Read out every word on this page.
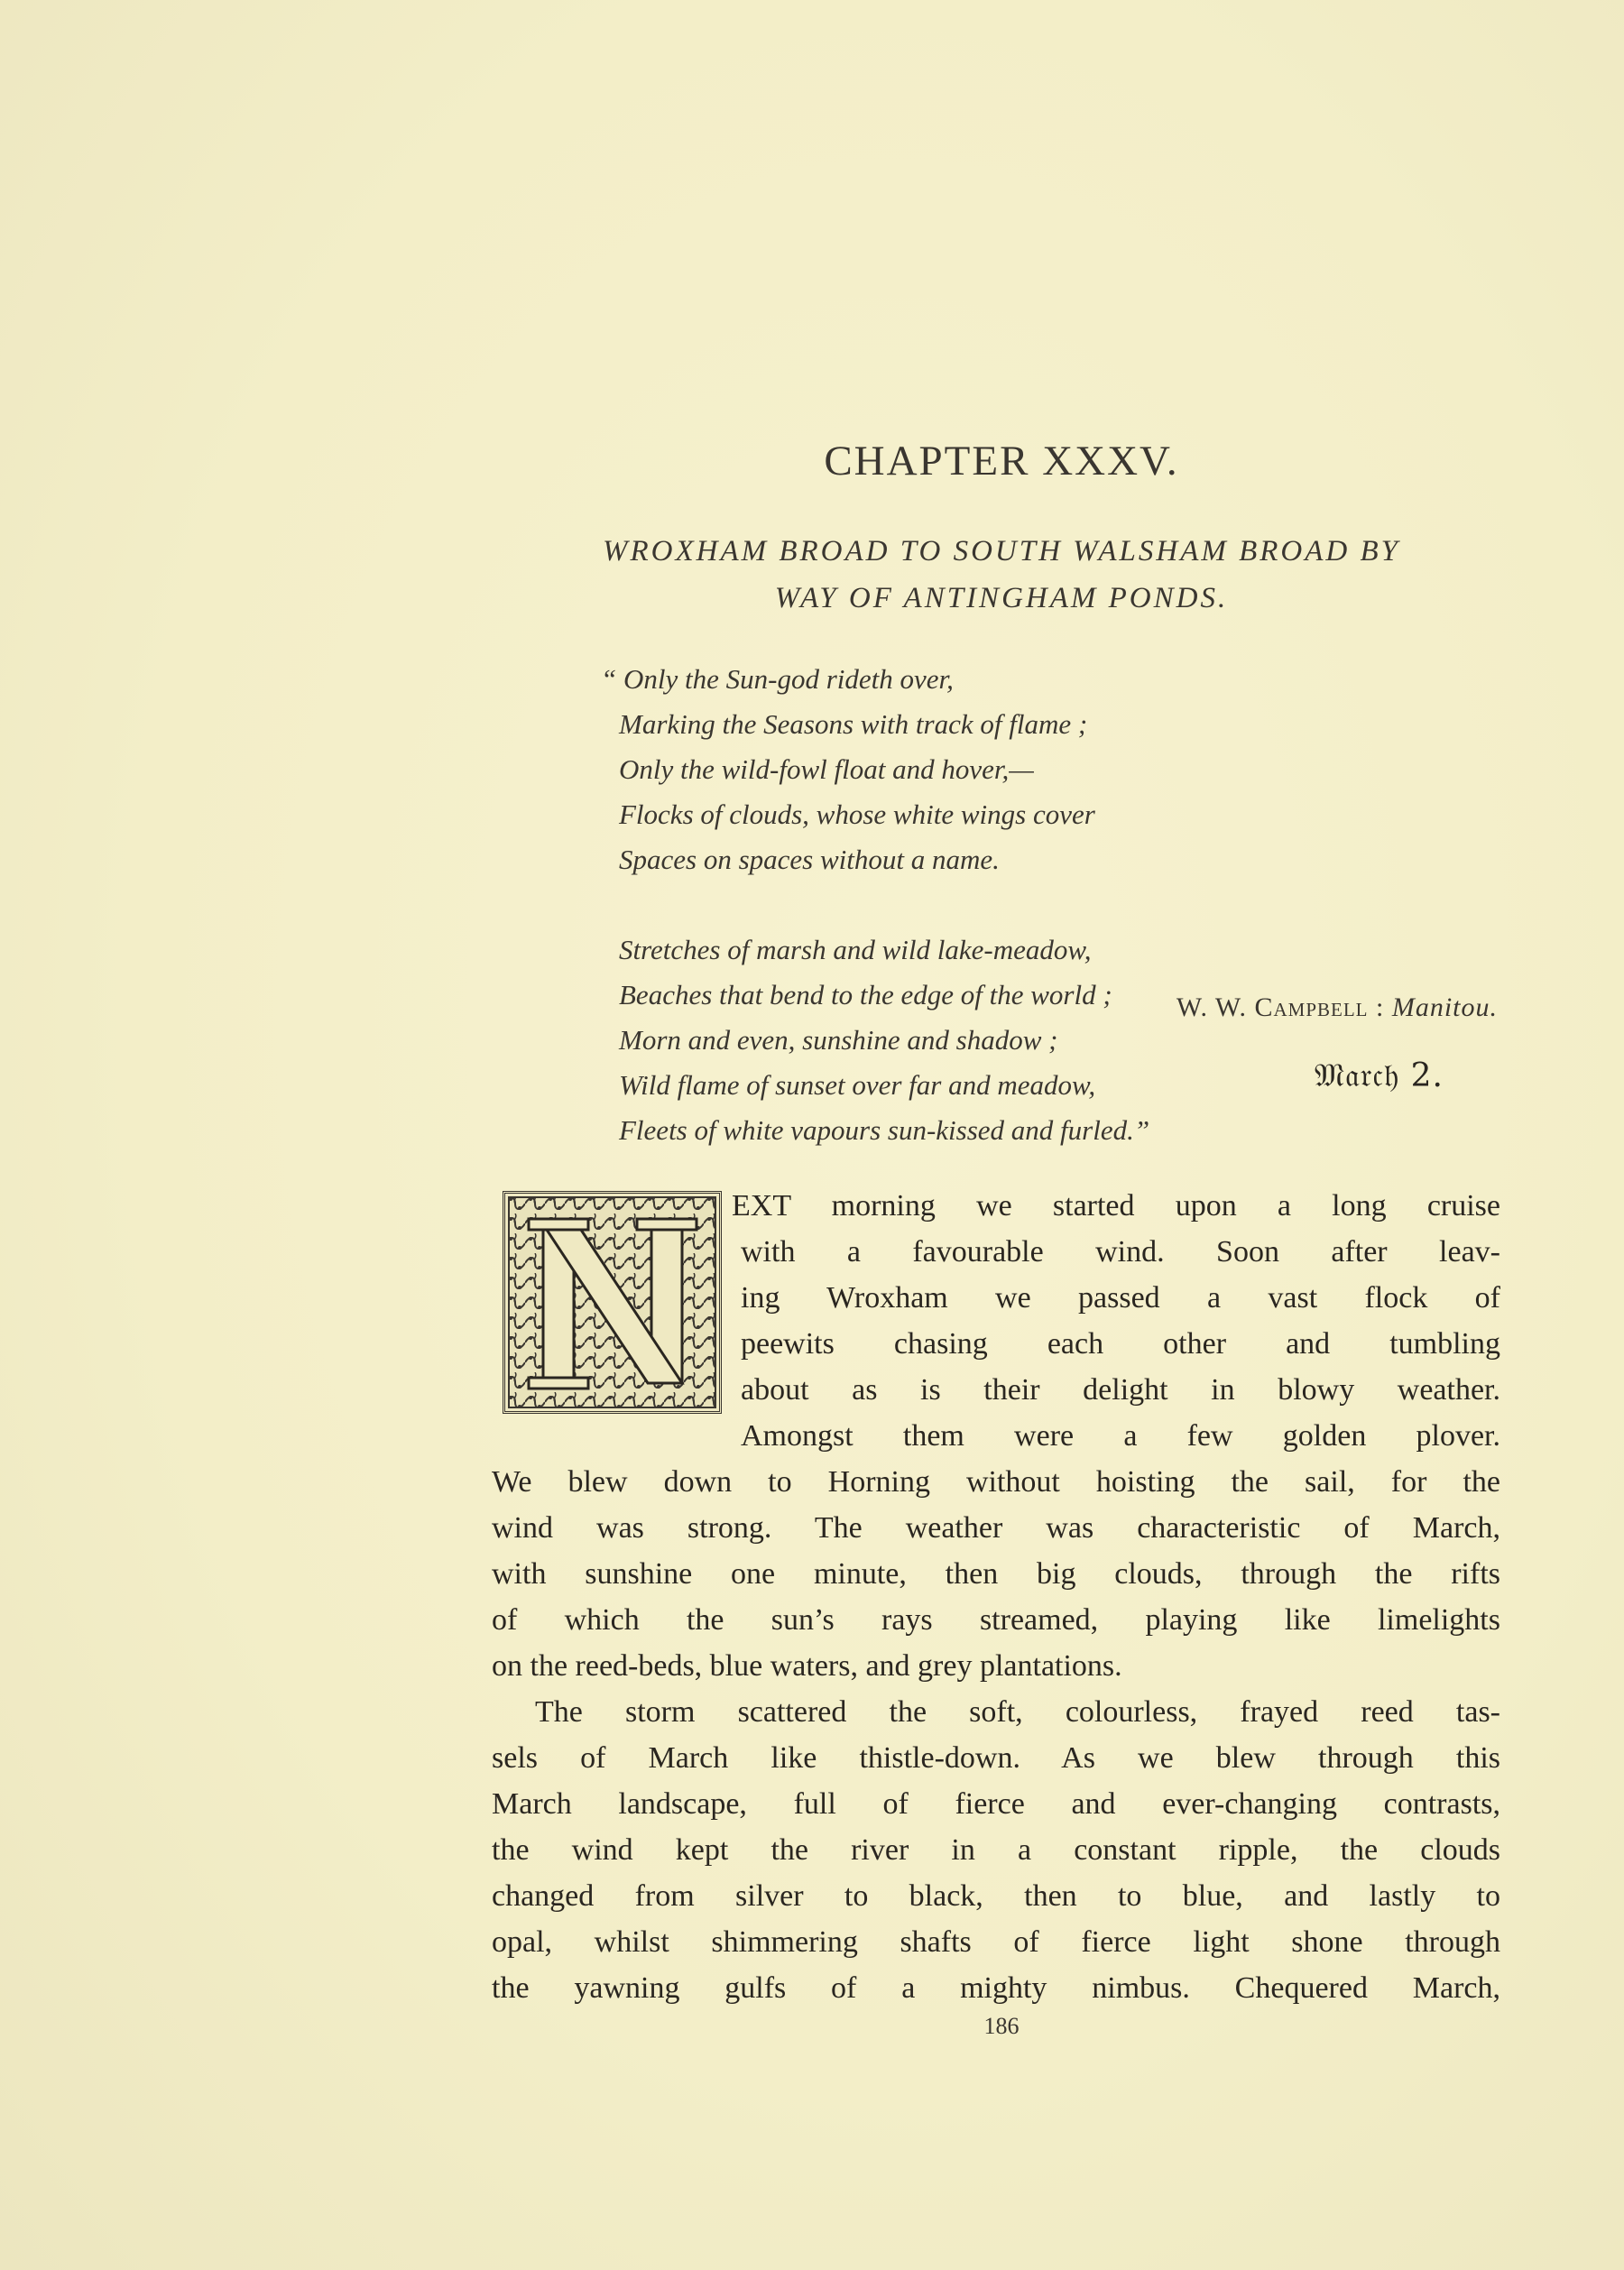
CHAPTER XXXV.
WROXHAM BROAD TO SOUTH WALSHAM BROAD BY
WAY OF ANTINGHAM PONDS.
“ Only the Sun-god rideth over,
Marking the Seasons with track of flame ;
Only the wild-fowl float and hover,—
Flocks of clouds, whose white wings cover
Spaces on spaces without a name.
Stretches of marsh and wild lake-meadow,
Beaches that bend to the edge of the world ;
Morn and even, sunshine and shadow ;
Wild flame of sunset over far and meadow,
Fleets of white vapours sun-kissed and furled.”
W. W. Campbell : Manitou.
𝔐𝔞𝔯𝔠𝔥 2.
EXT morning we started upon a long cruise
with a favourable wind. Soon after leav-
ing Wroxham we passed a vast flock of
peewits chasing each other and tumbling
about as is their delight in blowy weather.
Amongst them were a few golden plover.
We blew down to Horning without hoisting the sail, for the
wind was strong. The weather was characteristic of March,
with sunshine one minute, then big clouds, through the rifts
of which the sun’s rays streamed, playing like limelights
on the reed-beds, blue waters, and grey plantations.
The storm scattered the soft, colourless, frayed reed tas-
sels of March like thistle-down. As we blew through this
March landscape, full of fierce and ever-changing contrasts,
the wind kept the river in a constant ripple, the clouds
changed from silver to black, then to blue, and lastly to
opal, whilst shimmering shafts of fierce light shone through
the yawning gulfs of a mighty nimbus. Chequered March,
186
